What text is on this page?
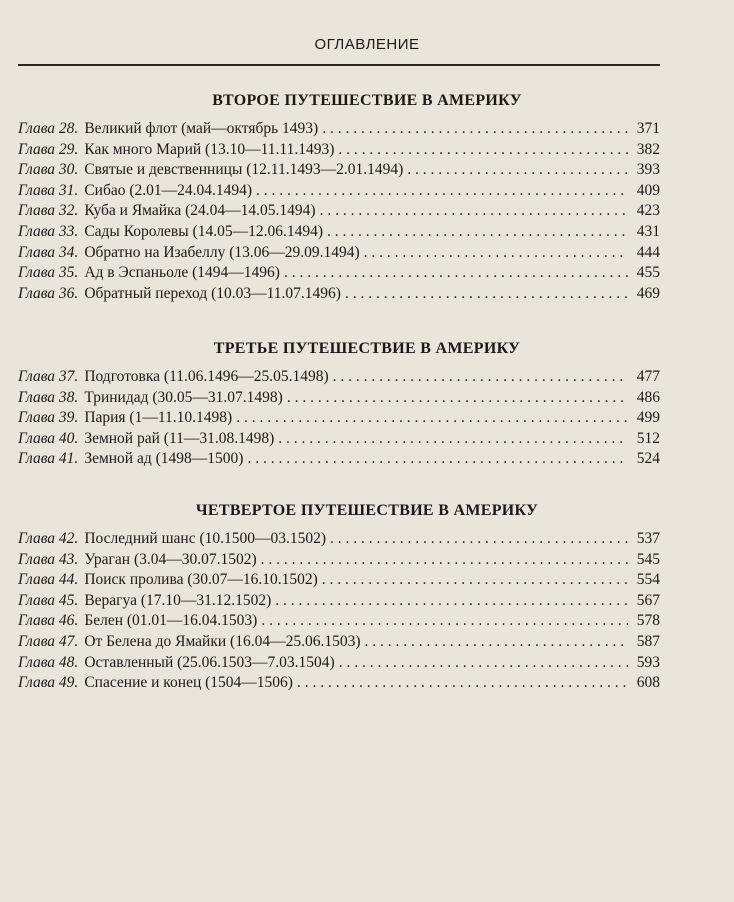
ОГЛАВЛЕНИЕ
ВТОРОЕ ПУТЕШЕСТВИЕ В АМЕРИКУ
Глава 28. Великий флот (май—октябрь 1493) . . .	371
Глава 29. Как много Марий (13.10—11.11.1493) . . .	382
Глава 30. Святые и девственницы (12.11.1493—2.01.1494) . . .	393
Глава 31. Сибао (2.01—24.04.1494) . . .	409
Глава 32. Куба и Ямайка (24.04—14.05.1494) . . .	423
Глава 33. Сады Королевы (14.05—12.06.1494) . . .	431
Глава 34. Обратно на Изабеллу (13.06—29.09.1494) . . .	444
Глава 35. Ад в Эспаньоле (1494—1496) . . .	455
Глава 36. Обратный переход (10.03—11.07.1496) . . .	469
ТРЕТЬЕ ПУТЕШЕСТВИЕ В АМЕРИКУ
Глава 37. Подготовка (11.06.1496—25.05.1498) . . .	477
Глава 38. Тринидад (30.05—31.07.1498) . . .	486
Глава 39. Пария (1—11.10.1498) . . .	499
Глава 40. Земной рай (11—31.08.1498) . . .	512
Глава 41. Земной ад (1498—1500) . . .	524
ЧЕТВЕРТОЕ ПУТЕШЕСТВИЕ В АМЕРИКУ
Глава 42. Последний шанс (10.1500—03.1502) . . .	537
Глава 43. Ураган (3.04—30.07.1502) . . .	545
Глава 44. Поиск пролива (30.07—16.10.1502) . . .	554
Глава 45. Верагуа (17.10—31.12.1502) . . .	567
Глава 46. Белен (01.01—16.04.1503) . . .	578
Глава 47. От Белена до Ямайки (16.04—25.06.1503) . . .	587
Глава 48. Оставленный (25.06.1503—7.03.1504) . . .	593
Глава 49. Спасение и конец (1504—1506) . . .	608
